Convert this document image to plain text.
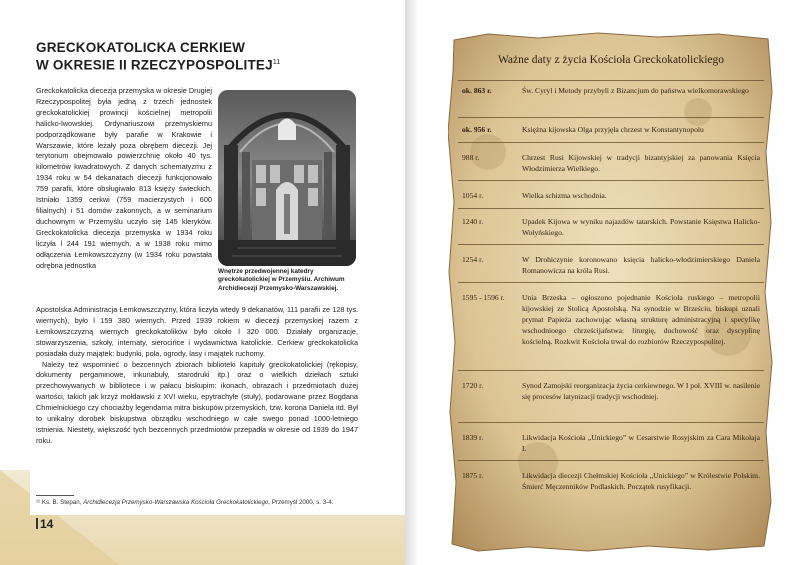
GRECKOKATOLICKA CERKIEW
W OKRESIE II RZECZYPOSPOLITEJ$^{11}$
Greckokatolicka diecezja przemyska w okresie Drugiej Rzeczypospolitej była jedną z trzech jednostek greckokatolickiej prowincji kościelnej metropolii halicko-lwowskiej. Ordynariuszowi przemyskiemu podporządkowane były parafie w Krakowie i Warszawie, które leżały poza obrębem diecezji. Jej terytorium obejmowało powierzchnię około 40 tys. kilometrów kwadratowych. Z danych schematyzmu z 1934 roku w 54 dekanatach diecezji funkcjonowało 759 parafii, które obsługiwało 813 księży świeckich. Istniało 1359 cerkwi (759 macierzystych i 600 filialnych) i 51 domów zakonnych, a w seminarium duchownym w Przemyślu uczyło się 145 kleryków. Greckokatolicka diecezja przemyska w 1934 roku liczyła l 244 191 wiernych, a w 1938 roku mimo odłączenia Łemkowszczyzny (w 1934 roku powstała odrębna jednostka
Wnętrze przedwojennej katedry greckokatolickiej w Przemyślu. Archiwum Archidiecezji Przemysko-Warszawskiej.

Apostolska Administracja Łemkowszczyzny, która liczyła wtedy 9 dekanatów, 111 parafii ze 128 tys. wiernych), było l 159 380 wiernych. Przed 1939 rokiem w diecezji przemyskiej razem z Łemkowszczyzną wiernych greckokatolików było około l 320 000. Działały organizacje, stowarzyszenia, szkoły, internaty, sierocińce i wydawnictwa katolickie. Cerkiew greckokatolicka posiadała duży majątek: budynki, pola, ogrody, lasy i majątek ruchomy.

Należy też wspomnieć o bezcennych zbiorach biblioteki kapituły greckokatolickiej (rękopisy, dokumenty pergaminowe, inkunabuły, starodruki itp.) oraz o wielkich dziełach sztuki przechowywanych w bibliotece i w pałacu biskupim: ikonach, obrazach i przedmiotach dużej wartości, takich jak krzyż mołdawski z XVI wieku, epytrachyle (stuły), podarowane przez Bogdana Chmielnickiego czy chociażby legendarna mitra biskupów przemyskich, tzw. korona Daniela itd. Był to unikalny dorobek biskupstwa obrządku wschodniego w całe swego ponad 1000-letniego istnienia. Niestety, większość tych bezcennych przedmiotów przepadła w okresie od 1939 do 1947 roku.

¹¹ Ks. B. Stepan, Archidiecezja Przemysko-Warszawska Kościoła Greckokatolickiego, Przemyśl 2000, s. 3-4.
14
Ważne daty z życia Kościoła Greckokatolickiego
ok. 863 r.	Św. Cyryl i Metody przybyli z Bizancjum do państwa wielkomorawskiego
ok. 956 r.	Księżna kijowska Olga przyjęła chrzest w Konstantynopolu
988 r.	Chrzest Rusi Kijowskiej w tradycji bizantyjskiej za panowania Księcia Włodzimierza Wielkiego.
1054 r.	Wielka schizma wschodnia.
1240 r.	Upadek Kijowa w wyniku najazdów tatarskich. Powstanie Księstwa Halicko-Wołyńskiego.
1254 r.	W Drohiczynie koronowano księcia halicko-włodzimierskiego Daniela Romanowicza na króla Rusi.
1595 - 1596 r.	Unia Brzeska – ogłoszono pojednanie Kościoła ruskiego – metropolii kijowskiej ze Stolicą Apostolską. Na synodzie w Brześciu, biskupi uznali prymat Papieża zachowując własną strukturę administracyjną i specyfikę wschodnioego chrześcijaństwa: liturgię, duchowość oraz dyscyplinę kościelną. Rozkwit Kościoła trwał do rozbiorów Rzeczypospolitej.
1720 r.	Synod Zamojski reorganizacja życia cerkiewnego. W I poł. XVIII w. nasilenie się procesów latynizacji tradycji wschodniej.
1839 r.	Likwidacja Kościoła „Unickiego” w Cesarstwie Rosyjskim za Cara Mikołaja I.
1875 r.	Likwidacja diecezji Chełmskiej Kościoła „Unickiego” w Królestwie Polskim. Śmierć Męczenników Podlaskich. Początek rusyfikacji.
